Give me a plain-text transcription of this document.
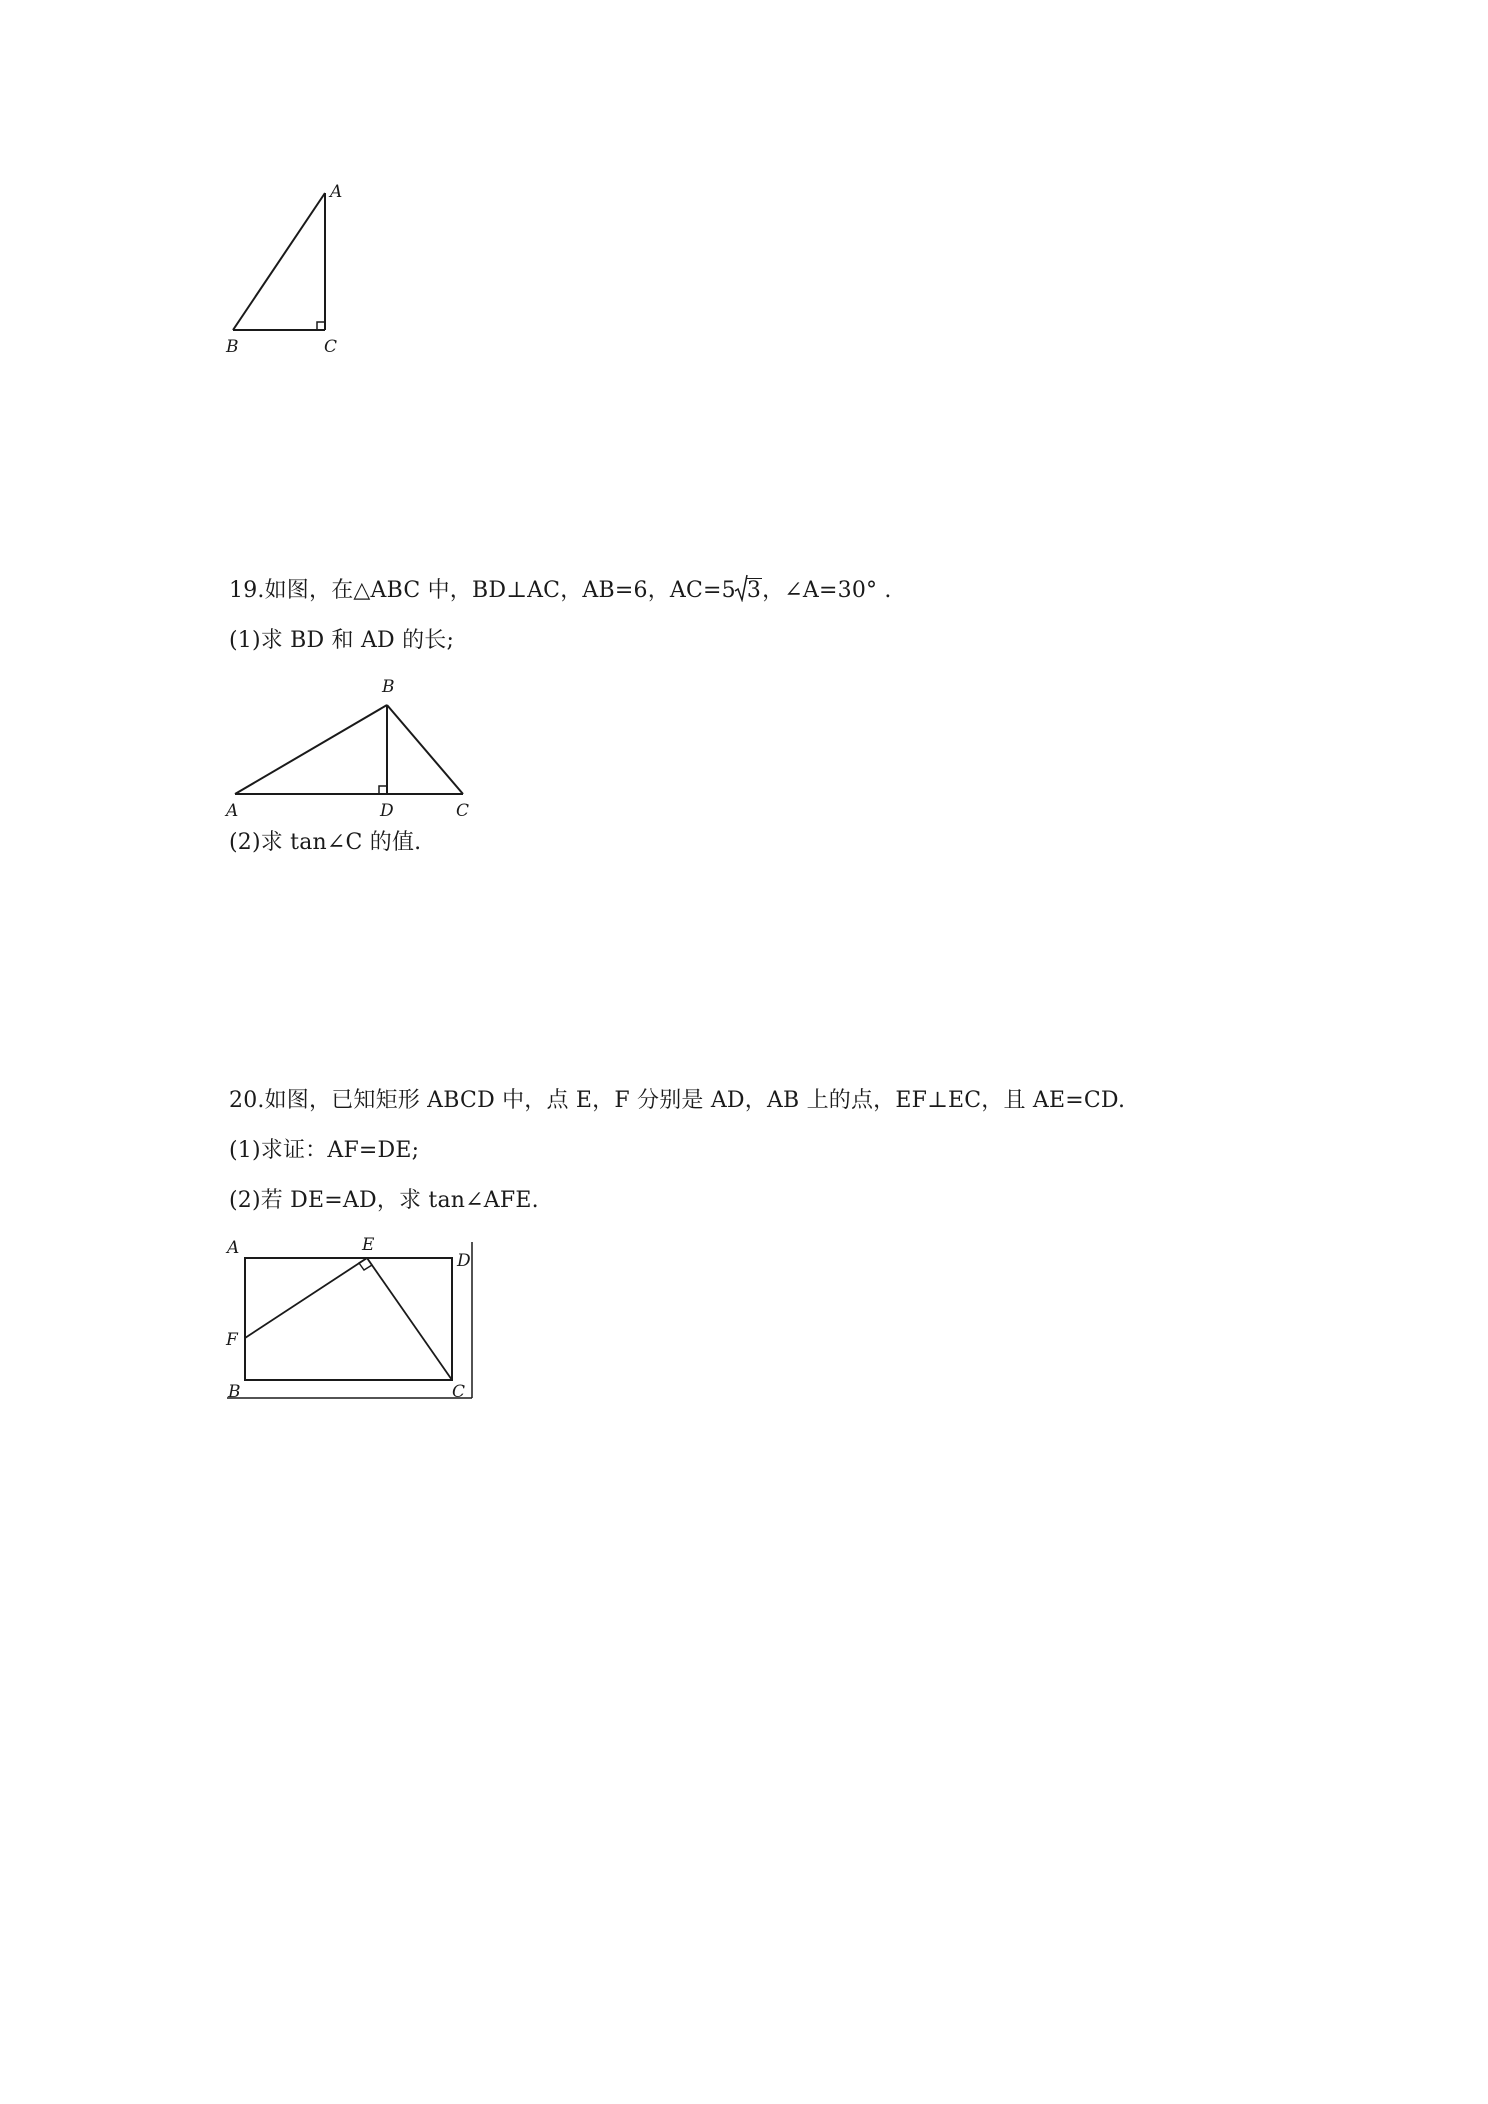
A
B	C
19.如图，在△ABC 中，BD⊥AC，AB=6，AC=5 3，∠A=30° .
(1)求 BD 和 AD 的长;
B
A	D	C
(2)求 tan∠C 的值.
20.如图，已知矩形 ABCD 中，点 E，F 分别是 AD，AB 上的点，EF⊥EC，且 AE=CD.
(1)求证：AF=DE;
(2)若 DE=AD，求 tan∠AFE.
A	E
D
F
B	C
